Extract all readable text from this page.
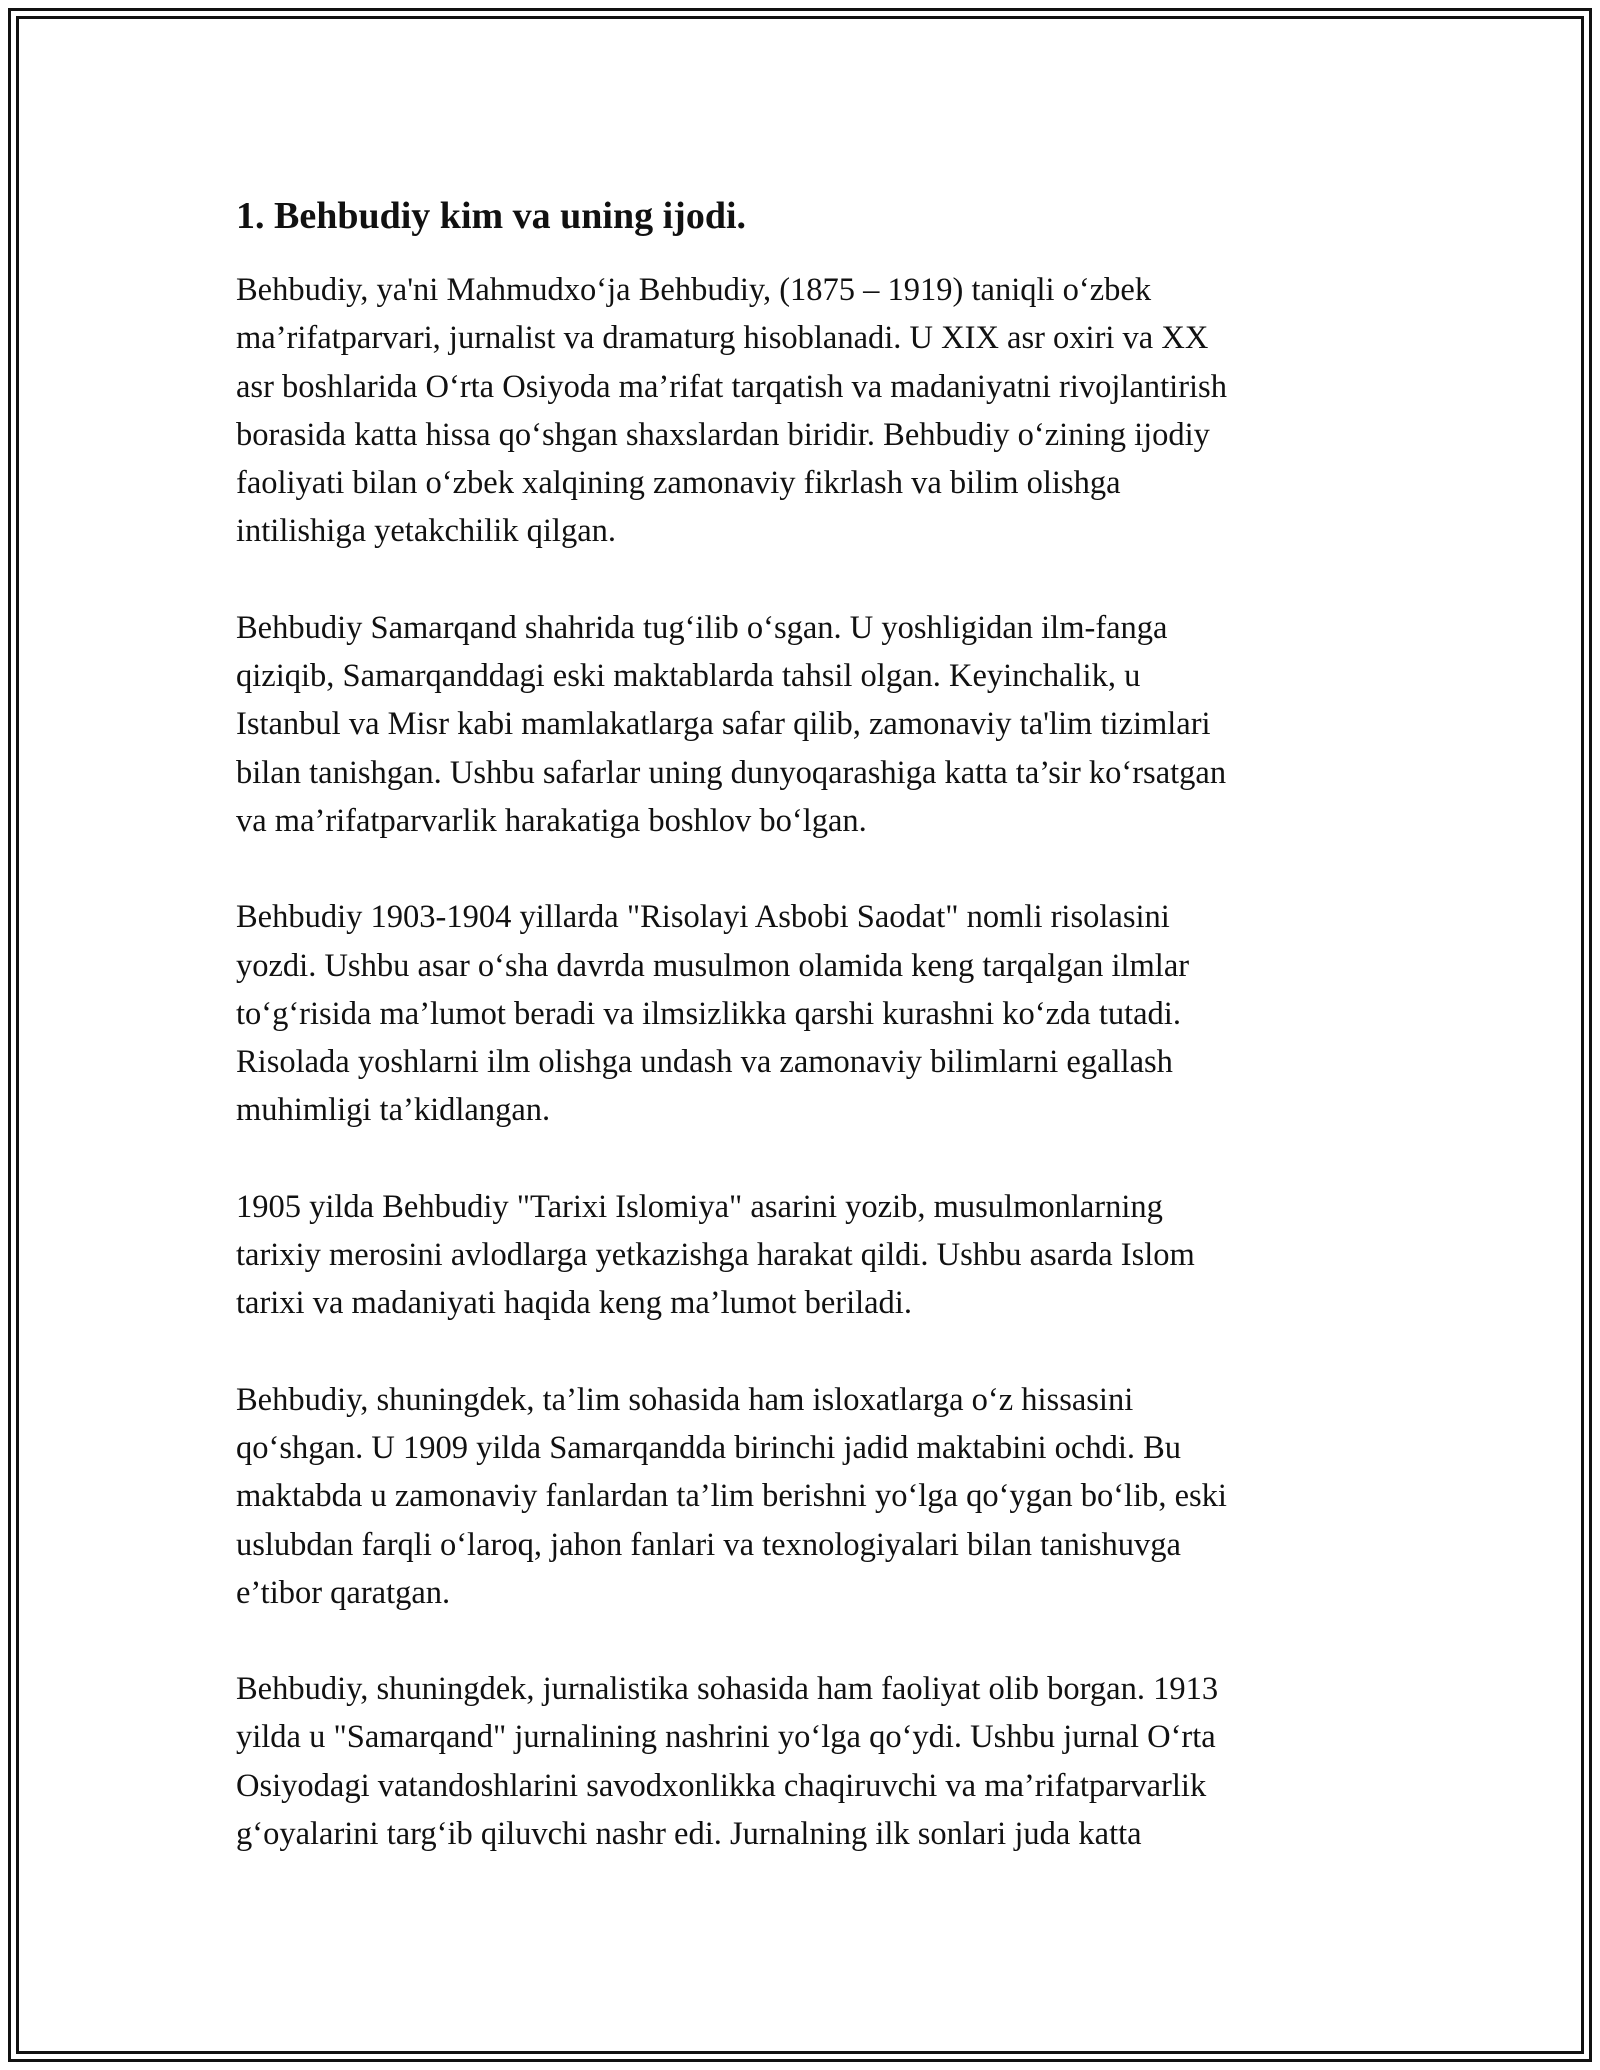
1. Behbudiy kim va uning ijodi.

Behbudiy, ya'ni Mahmudxo‘ja Behbudiy, (1875 – 1919) taniqli o‘zbek
ma’rifatparvari, jurnalist va dramaturg hisoblanadi. U XIX asr oxiri va XX
asr boshlarida O‘rta Osiyoda ma’rifat tarqatish va madaniyatni rivojlantirish
borasida katta hissa qo‘shgan shaxslardan biridir. Behbudiy o‘zining ijodiy
faoliyati bilan o‘zbek xalqining zamonaviy fikrlash va bilim olishga
intilishiga yetakchilik qilgan.

Behbudiy Samarqand shahrida tug‘ilib o‘sgan. U yoshligidan ilm-fanga
qiziqib, Samarqanddagi eski maktablarda tahsil olgan. Keyinchalik, u
Istanbul va Misr kabi mamlakatlarga safar qilib, zamonaviy ta'lim tizimlari
bilan tanishgan. Ushbu safarlar uning dunyoqarashiga katta ta’sir ko‘rsatgan
va ma’rifatparvarlik harakatiga boshlov bo‘lgan.

Behbudiy 1903-1904 yillarda "Risolayi Asbobi Saodat" nomli risolasini
yozdi. Ushbu asar o‘sha davrda musulmon olamida keng tarqalgan ilmlar
to‘g‘risida ma’lumot beradi va ilmsizlikka qarshi kurashni ko‘zda tutadi.
Risolada yoshlarni ilm olishga undash va zamonaviy bilimlarni egallash
muhimligi ta’kidlangan.

1905 yilda Behbudiy "Tarixi Islomiya" asarini yozib, musulmonlarning
tarixiy merosini avlodlarga yetkazishga harakat qildi. Ushbu asarda Islom
tarixi va madaniyati haqida keng ma’lumot beriladi.

Behbudiy, shuningdek, ta’lim sohasida ham isloxatlarga o‘z hissasini
qo‘shgan. U 1909 yilda Samarqandda birinchi jadid maktabini ochdi. Bu
maktabda u zamonaviy fanlardan ta’lim berishni yo‘lga qo‘ygan bo‘lib, eski
uslubdan farqli o‘laroq, jahon fanlari va texnologiyalari bilan tanishuvga
e’tibor qaratgan.

Behbudiy, shuningdek, jurnalistika sohasida ham faoliyat olib borgan. 1913
yilda u "Samarqand" jurnalining nashrini yo‘lga qo‘ydi. Ushbu jurnal O‘rta
Osiyodagi vatandoshlarini savodxonlikka chaqiruvchi va ma’rifatparvarlik
g‘oyalarini targ‘ib qiluvchi nashr edi. Jurnalning ilk sonlari juda katta
